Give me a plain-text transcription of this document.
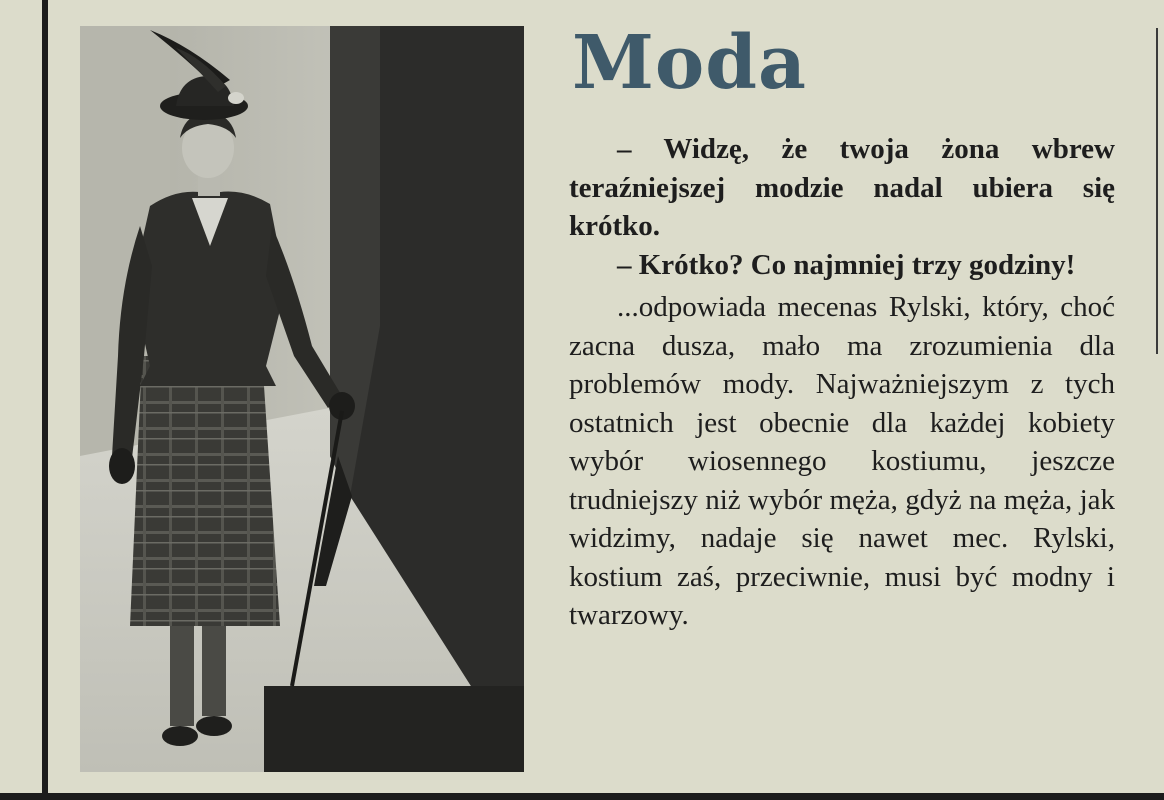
Moda

– Widzę, że twoja żona wbrew teraźniejszej modzie nadal ubiera się krótko.

– Krótko? Co najmniej trzy godziny!

...odpowiada mecenas Rylski, który, choć zacna dusza, mało ma zrozumienia dla problemów mody. Najważniejszym z tych ostatnich jest obecnie dla każdej kobiety wybór wiosennego kostiumu, jeszcze trudniejszy niż wybór męża, gdyż na męża, jak widzimy, nadaje się nawet mec. Rylski, kostium zaś, przeciwnie, musi być modny i twarzowy.
